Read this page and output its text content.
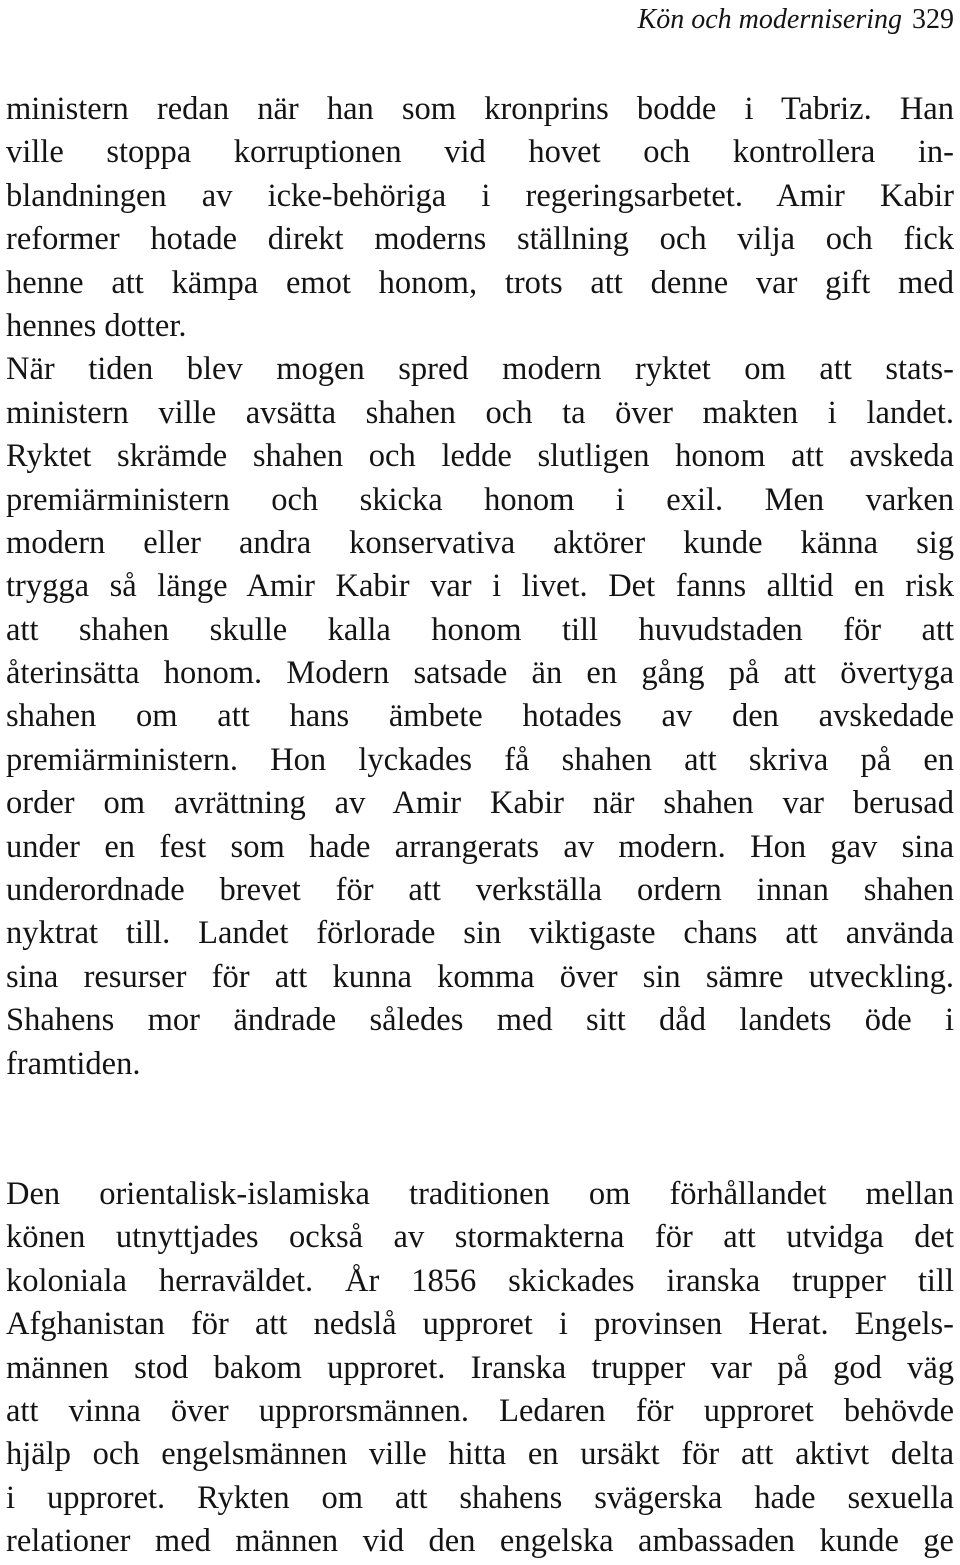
Kön och modernisering 329
ministern redan när han som kronprins bodde i Tabriz. Han
ville stoppa korruptionen vid hovet och kontrollera in-
blandningen av icke-behöriga i regeringsarbetet. Amir Kabir
reformer hotade direkt moderns ställning och vilja och fick
henne att kämpa emot honom, trots att denne var gift med
hennes dotter.
När tiden blev mogen spred modern ryktet om att stats-
ministern ville avsätta shahen och ta över makten i landet.
Ryktet skrämde shahen och ledde slutligen honom att avskeda
premiärministern och skicka honom i exil. Men varken
modern eller andra konservativa aktörer kunde känna sig
trygga så länge Amir Kabir var i livet. Det fanns alltid en risk
att shahen skulle kalla honom till huvudstaden för att
återinsätta honom. Modern satsade än en gång på att övertyga
shahen om att hans ämbete hotades av den avskedade
premiärministern. Hon lyckades få shahen att skriva på en
order om avrättning av Amir Kabir när shahen var berusad
under en fest som hade arrangerats av modern. Hon gav sina
underordnade brevet för att verkställa ordern innan shahen
nyktrat till. Landet förlorade sin viktigaste chans att använda
sina resurser för att kunna komma över sin sämre utveckling.
Shahens mor ändrade således med sitt dåd landets öde i
framtiden.
Den orientalisk-islamiska traditionen om förhållandet mellan
könen utnyttjades också av stormakterna för att utvidga det
koloniala herraväldet. År 1856 skickades iranska trupper till
Afghanistan för att nedslå upproret i provinsen Herat. Engels-
männen stod bakom upproret. Iranska trupper var på god väg
att vinna över upprorsmännen. Ledaren för upproret behövde
hjälp och engelsmännen ville hitta en ursäkt för att aktivt delta
i upproret. Rykten om att shahens svägerska hade sexuella
relationer med männen vid den engelska ambassaden kunde ge
